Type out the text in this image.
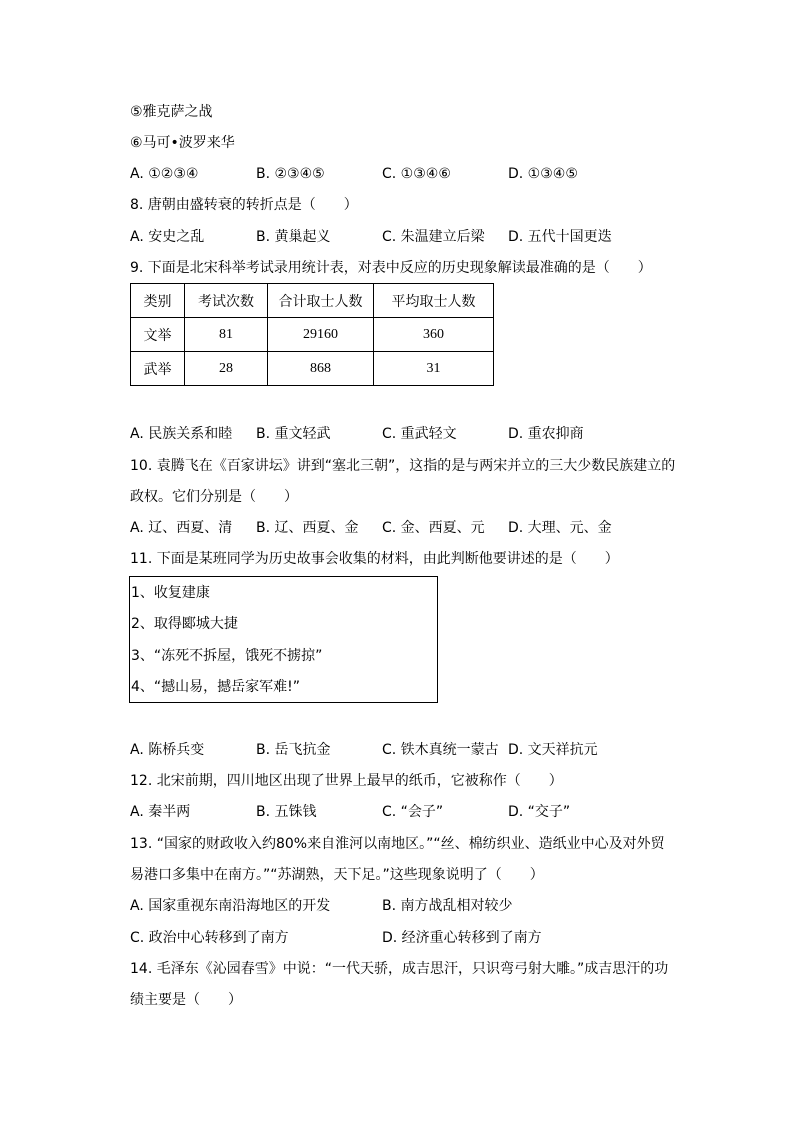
⑤雅克萨之战
⑥马可•波罗来华
A. ①②③④	B. ②③④⑤	C. ①③④⑥	D. ①③④⑤
8. 唐朝由盛转衰的转折点是（　　）
A. 安史之乱	B. 黄巢起义	C. 朱温建立后梁 D. 五代十国更迭
9. 下面是北宋科举考试录用统计表，对表中反应的历史现象解读最准确的是（　　）
类别	考试次数	合计取士人数	平均取士人数
文举	81	29160	360
武举	28	868	31
A. 民族关系和睦 B. 重文轻武	C. 重武轻文	D. 重农抑商
10. 袁腾飞在《百家讲坛》讲到“塞北三朝”，这指的是与两宋并立的三大少数民族建立的
政权。它们分别是（　　）
A. 辽、西夏、清 B. 辽、西夏、金 C. 金、西夏、元 D. 大理、元、金
11. 下面是某班同学为历史故事会收集的材料，由此判断他要讲述的是（　　）
1、收复建康
2、取得郾城大捷
3、“冻死不拆屋，饿死不掳掠”
4、“撼山易，撼岳家军难!”
A. 陈桥兵变	B. 岳飞抗金	C. 铁木真统一蒙古 D. 文天祥抗元
12. 北宋前期，四川地区出现了世界上最早的纸币，它被称作（　　）
A. 秦半两	B. 五铢钱	C. “会子”	D. “交子”
13. “国家的财政收入约80%来自淮河以南地区。”“丝、棉纺织业、造纸业中心及对外贸
易港口多集中在南方。”“苏湖熟，天下足。”这些现象说明了（　　）
A. 国家重视东南沿海地区的开发	B. 南方战乱相对较少
C. 政治中心转移到了南方	D. 经济重心转移到了南方
14. 毛泽东《沁园春雪》中说：“一代天骄，成吉思汗，只识弯弓射大雕。”成吉思汗的功
绩主要是（　　）
